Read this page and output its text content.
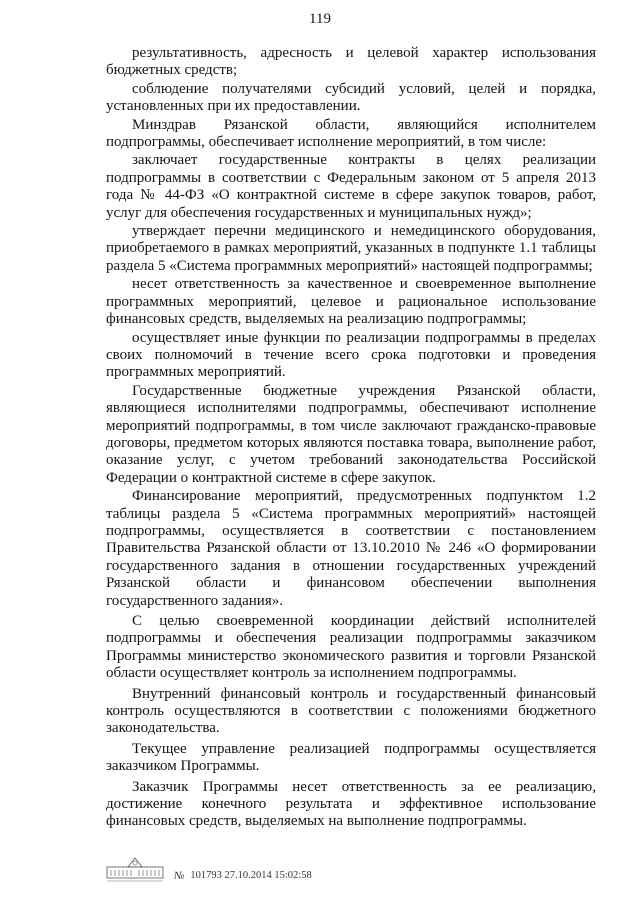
119

результативность, адресность и целевой характер использования бюджетных средств;

соблюдение получателями субсидий условий, целей и порядка, установленных при их предоставлении.

Минздрав Рязанской области, являющийся исполнителем подпрограммы, обеспечивает исполнение мероприятий, в том числе:

заключает государственные контракты в целях реализации подпрограммы в соответствии с Федеральным законом от 5 апреля 2013 года № 44-ФЗ «О контрактной системе в сфере закупок товаров, работ, услуг для обеспечения государственных и муниципальных нужд»;

утверждает перечни медицинского и немедицинского оборудования, приобретаемого в рамках мероприятий, указанных в подпункте 1.1 таблицы раздела 5 «Система программных мероприятий» настоящей подпрограммы;

несет ответственность за качественное и своевременное выполнение программных мероприятий, целевое и рациональное использование финансовых средств, выделяемых на реализацию подпрограммы;

осуществляет иные функции по реализации подпрограммы в пределах своих полномочий в течение всего срока подготовки и проведения программных мероприятий.

Государственные бюджетные учреждения Рязанской области, являющиеся исполнителями подпрограммы, обеспечивают исполнение мероприятий подпрограммы, в том числе заключают гражданско-правовые договоры, предметом которых являются поставка товара, выполнение работ, оказание услуг, с учетом требований законодательства Российской Федерации о контрактной системе в сфере закупок.

Финансирование мероприятий, предусмотренных подпунктом 1.2 таблицы раздела 5 «Система программных мероприятий» настоящей подпрограммы, осуществляется в соответствии с постановлением Правительства Рязанской области от 13.10.2010 № 246 «О формировании государственного задания в отношении государственных учреждений Рязанской области и финансовом обеспечении выполнения государственного задания».

С целью своевременной координации действий исполнителей подпрограммы и обеспечения реализации подпрограммы заказчиком Программы министерство экономического развития и торговли Рязанской области осуществляет контроль за исполнением подпрограммы.

Внутренний финансовый контроль и государственный финансовый контроль осуществляются в соответствии с положениями бюджетного законодательства.

Текущее управление реализацией подпрограммы осуществляется заказчиком Программы.

Заказчик Программы несет ответственность за ее реализацию, достижение конечного результата и эффективное использование финансовых средств, выделяемых на выполнение подпрограммы.

№ 101793 27.10.2014 15:02:58
